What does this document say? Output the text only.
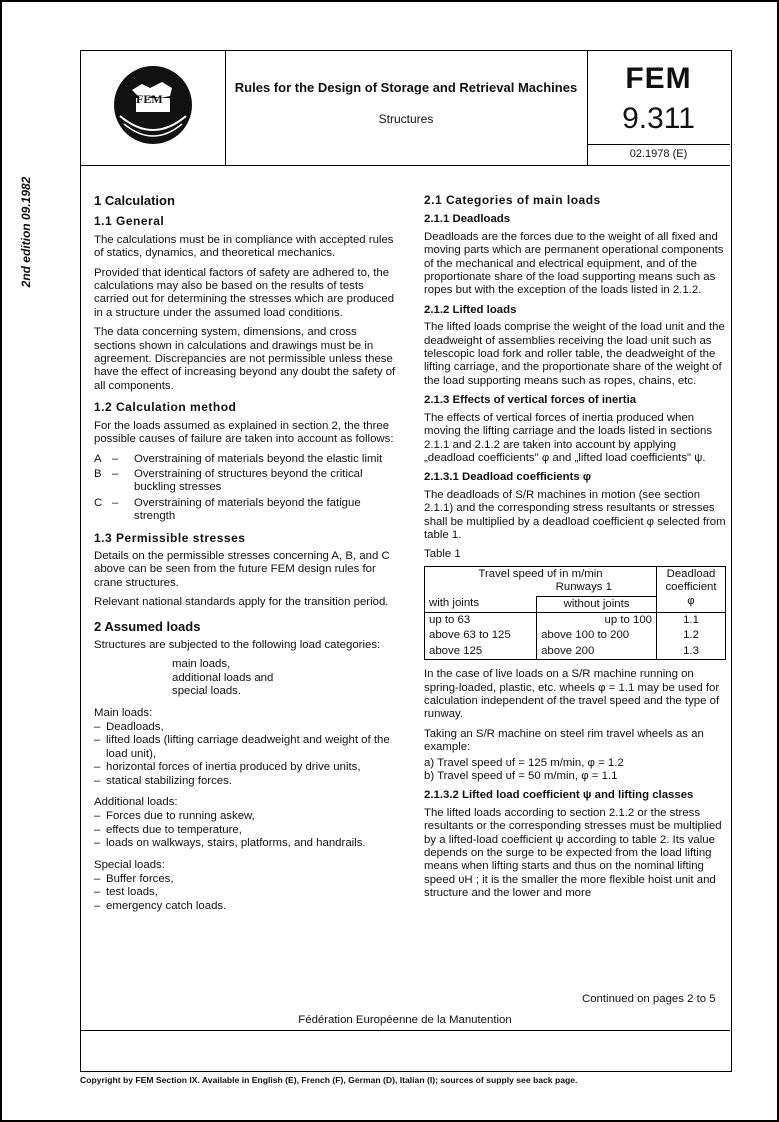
2nd edition 09.1982
FEM
Rules for the Design of Storage and Retrieval Machines
Structures
FEM
9.311
02.1978 (E)
1 Calculation
1.1 General

The calculations must be in compliance with accepted rules of statics, dynamics, and theoretical mechanics.

Provided that identical factors of safety are adhered to, the calculations may also be based on the results of tests carried out for determining the stresses which are produced in a structure under the assumed load conditions.

The data concerning system, dimensions, and cross sections shown in calculations and drawings must be in agreement. Discrepancies are not permissible unless these have the effect of increasing beyond any doubt the safety of all components.

1.2 Calculation method

For the loads assumed as explained in section 2, the three possible causes of failure are taken into account as follows:

A –	Overstraining of materials beyond the elastic limit
B –	Overstraining of structures beyond the critical buckling stresses
C –	Overstraining of materials beyond the fatigue strength
1.3 Permissible stresses

Details on the permissible stresses concerning A, B, and C above can be seen from the future FEM design rules for crane structures.

Relevant national standards apply for the transition period.

2 Assumed loads

Structures are subjected to the following load categories:

main loads,
additional loads and
special loads.

Main loads:

– Deadloads,
– lifted loads (lifting carriage deadweight and weight of the load unit),
– horizontal forces of inertia produced by drive units,
– statical stabilizing forces.

Additional loads:

– Forces due to running askew,
– effects due to temperature,
– loads on walkways, stairs, platforms, and handrails.

Special loads:

– Buffer forces,
– test loads,
– emergency catch loads.
2.1 Categories of main loads
2.1.1 Deadloads

Deadloads are the forces due to the weight of all fixed and moving parts which are permanent operational components of the mechanical and electrical equipment, and of the proportionate share of the load supporting means such as ropes but with the exception of the loads listed in 2.1.2.

2.1.2 Lifted loads

The lifted loads comprise the weight of the load unit and the deadweight of assemblies receiving the load unit such as telescopic load fork and roller table, the deadweight of the lifting carriage, and the proportionate share of the weight of the load supporting means such as ropes, chains, etc.

2.1.3 Effects of vertical forces of inertia

The effects of vertical forces of inertia produced when moving the lifting carriage and the loads listed in sections 2.1.1 and 2.1.2 are taken into account by applying „deadload coefficients" φ and „lifted load coefficients" ψ.

2.1.3.1 Deadload coefficients φ

The deadloads of S/R machines in motion (see section 2.1.1) and the corresponding stress resultants or stresses shall be multiplied by a deadload coefficient φ selected from table 1.

Table 1
Travel speed υf in m/min
Runways 1		Deadload coefficient φ
with joints	without joints	
up to 63	up to 100	1.1
above 63 to 125	above 100 to 200	1.2
above 125	above 200	1.3

In the case of live loads on a S/R machine running on spring-loaded, plastic, etc. wheels φ = 1.1 may be used for calculation independent of the travel speed and the type of runway.

Taking an S/R machine on steel rim travel wheels as an example:

a) Travel speed υf = 125 m/min, φ = 1.2
b) Travel speed υf = 50 m/min, φ = 1.1
2.1.3.2 Lifted load coefficient ψ and lifting classes

The lifted loads according to section 2.1.2 or the stress resultants or the corresponding stresses must be multiplied by a lifted-load coefficient ψ according to table 2. Its value depends on the surge to be expected from the load lifting means when lifting starts and thus on the nominal lifting speed υH ; it is the smaller the more flexible hoist unit and structure and the lower and more

Continued on pages 2 to 5
Fédération Européenne de la Manutention
Copyright by FEM Section IX. Available in English (E), French (F), German (D), Italian (I); sources of supply see back page.
